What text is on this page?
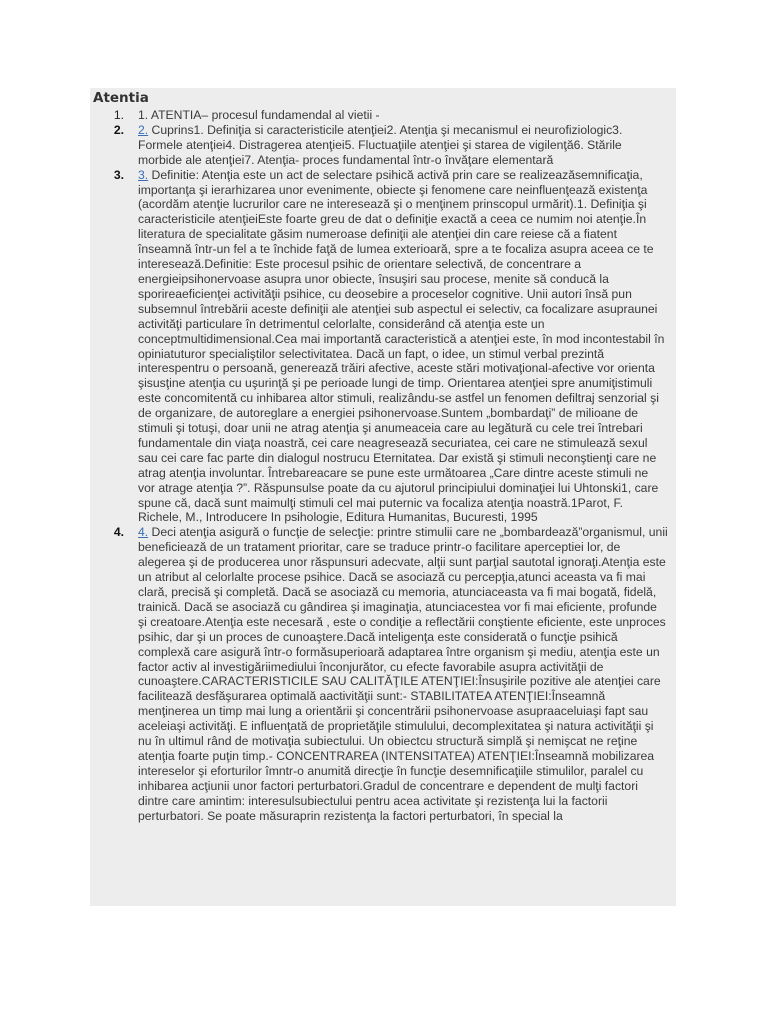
Atentia
1. 1. ATENTIA– procesul fundamendal al vietii -
2. 2. Cuprins1. Definiţia si caracteristicile atenţiei2. Atenţia şi mecanismul ei neurofiziologic3. Formele atenţiei4. Distragerea atenţiei5. Fluctuaţiile atenţiei şi starea de vigilenţă6. Stările morbide ale atenţiei7. Atenţia- proces fundamental într-o învăţare elementară
3. 3. Definitie: Atenţia este un act de selectare psihică activă prin care se realizeazăsemnificaţia, importanţa şi ierarhizarea unor evenimente, obiecte şi fenomene care neinfluenţează existenţa (acordăm atenţie lucrurilor care ne interesează şi o menţinem prinscopul urmărit).1. Definiţia şi caracteristicile atenţieiEste foarte greu de dat o definiţie exactă a ceea ce numim noi atenţie.În literatura de specialitate găsim numeroase definiţii ale atenţiei din care reiese că a fiatent înseamnă într-un fel a te închide faţă de lumea exterioară, spre a te focaliza asupra aceea ce te interesează.Definitie: Este procesul psihic de orientare selectivă, de concentrare a energieipsihonervoase asupra unor obiecte, însuşiri sau procese, menite să conducă la sporireaeficienţei activităţii psihice, cu deosebire a proceselor cognitive. Unii autori însă pun subsemnul întrebării aceste definiţii ale atenţiei sub aspectul ei selectiv, ca focalizare asupraunei activităţi particulare în detrimentul celorlalte, considerând că atenţia este un conceptmultidimensional.Cea mai importantă caracteristică a atenţiei este, în mod incontestabil în opiniatuturor specialiştilor selectivitatea. Dacă un fapt, o idee, un stimul verbal prezintă interespentru o persoană, generează trăiri afective, aceste stări motivaţional-afective vor orienta şisusţine atenţia cu uşurinţă şi pe perioade lungi de timp. Orientarea atenţiei spre anumiţistimuli este concomitentă cu inhibarea altor stimuli, realizându-se astfel un fenomen defiltraj senzorial şi de organizare, de autoreglare a energiei psihonervoase.Suntem „bombardaţi” de milioane de stimuli şi totuşi, doar unii ne atrag atenţia şi anumeaceia care au legătură cu cele trei întrebari fundamentale din viaţa noastră, cei care neagresează securiatea, cei care ne stimulează sexul sau cei care fac parte din dialogul nostrucu Eternitatea. Dar există şi stimuli neconştienţi care ne atrag atenţia involuntar. Întrebareacare se pune este următoarea „Care dintre aceste stimuli ne vor atrage atenţia ?”. Răspunsulse poate da cu ajutorul principiului dominaţiei lui Uhtonski1, care spune că, dacă sunt maimulţi stimuli cel mai puternic va focaliza atenţia noastră.1Parot, F. Richele, M., Introducere In psihologie, Editura Humanitas, Bucuresti, 1995
4. 4. Deci atenţia asigură o funcţie de selecţie: printre stimulii care ne „bombardează”organismul, unii beneficiează de un tratament prioritar, care se traduce printr-o facilitare aperceptiei lor, de alegerea şi de producerea unor răspunsuri adecvate, alţii sunt parţial sautotal ignoraţi.Atenţia este un atribut al celorlalte procese psihice. Dacă se asociază cu percepţia,atunci aceasta va fi mai clară, precisă şi completă. Dacă se asociază cu memoria, atunciaceasta va fi mai bogată, fidelă, trainică. Dacă se asociază cu gândirea şi imaginaţia, atunciacestea vor fi mai eficiente, profunde şi creatoare.Atenţia este necesară , este o condiţie a reflectării conştiente eficiente, este unproces psihic, dar şi un proces de cunoaştere.Dacă inteligenţa este considerată o funcţie psihică complexă care asigură într-o formăsuperioară adaptarea între organism şi mediu, atenţia este un factor activ al investigăriimediului înconjurător, cu efecte favorabile asupra activităţii de cunoaştere.CARACTERISTICILE SAU CALITĂŢILE ATENŢIEI:Însuşirile pozitive ale atenţiei care facilitează desfăşurarea optimală aactivităţii sunt:- STABILITATEA ATENŢIEI:Înseamnă menţinerea un timp mai lung a orientării şi concentrării psihonervoase asupraaceluiaşi fapt sau aceleiaşi activităţi. E influenţată de proprietăţile stimulului, decomplexitatea şi natura activităţii şi nu în ultimul rând de motivaţia subiectului. Un obiectcu structură simplă şi nemişcat ne reţine atenţia foarte puţin timp.- CONCENTRAREA (INTENSITATEA) ATENŢIEI:Înseamnă mobilizarea intereselor şi eforturilor îmntr-o anumită direcţie în funcţie desemnificaţiile stimulilor, paralel cu inhibarea acţiunii unor factori perturbatori.Gradul de concentrare e dependent de mulţi factori dintre care amintim: interesulsubiectului pentru acea activitate şi rezistenţa lui la factorii perturbatori. Se poate măsuraprin rezistenţa la factori perturbatori, în special la
